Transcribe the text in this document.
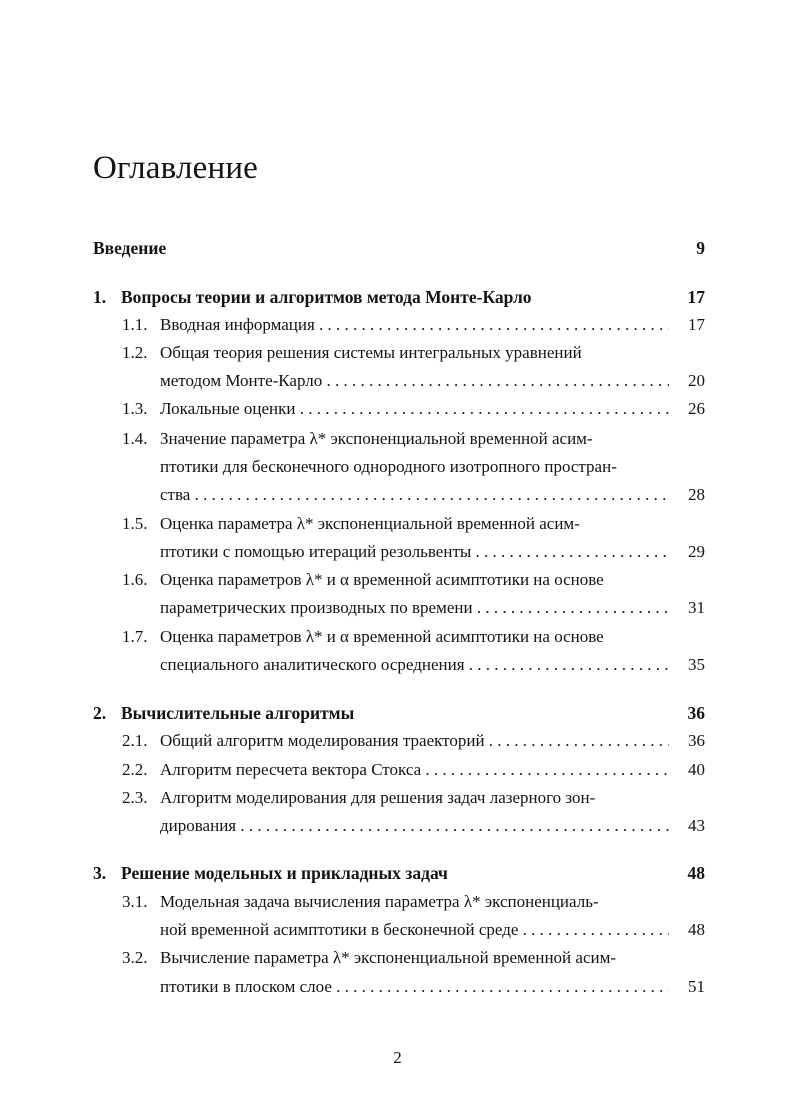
Оглавление
Введение	9
1. Вопросы теории и алгоритмов метода Монте-Карло	17
1.1. Вводная информация . .	17
1.2. Общая теория решения системы интегральных уравнений
методом Монте-Карло . .	20
1.3. Локальные оценки . .	26
1.4. Значение параметра λ* экспоненциальной временной асим-
птотики для бесконечного однородного изотропного простран-
ства . .	28
1.5. Оценка параметра λ* экспоненциальной временной асим-
птотики с помощью итераций резольвенты . .	29
1.6. Оценка параметров λ* и α временной асимптотики на основе
параметрических производных по времени . .	31
1.7. Оценка параметров λ* и α временной асимптотики на основе
специального аналитического осреднения . .	35
2. Вычислительные алгоритмы	36
2.1. Общий алгоритм моделирования траекторий . .	36
2.2. Алгоритм пересчета вектора Стокса . .	40
2.3. Алгоритм моделирования для решения задач лазерного зон-
дирования . .	43
3. Решение модельных и прикладных задач	48
3.1. Модельная задача вычисления параметра λ* экспоненциаль-
ной временной асимптотики в бесконечной среде . .	48
3.2. Вычисление параметра λ* экспоненциальной временной асим-
птотики в плоском слое . .	51
2
